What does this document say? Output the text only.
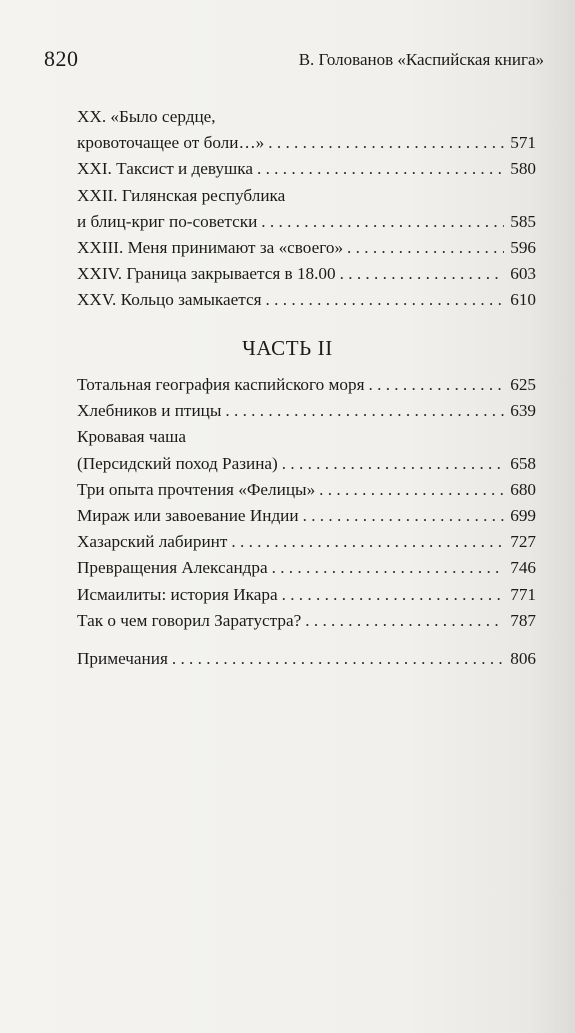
820	В. Голованов «Каспийская книга»
XX. «Было сердце,
кровоточащее от боли…» . . .	571
XXI. Таксист и девушка . . .	580
XXII. Гилянская республика
и блиц-криг по-советски . . .	585
XXIII. Меня принимают за «своего» . . .	596
XXIV. Граница закрывается в 18.00 . . .	603
XXV. Кольцо замыкается . . .	610
ЧАСТЬ II
Тотальная география каспийского моря . . .	625
Хлебников и птицы . . .	639
Кровавая чаша
(Персидский поход Разина) . . .	658
Три опыта прочтения «Фелицы» . . .	680
Мираж или завоевание Индии . . .	699
Хазарский лабиринт . . .	727
Превращения Александра . . .	746
Исмаилиты: история Икара . . .	771
Так о чем говорил Заратустра? . . .	787
Примечания . . .	806
